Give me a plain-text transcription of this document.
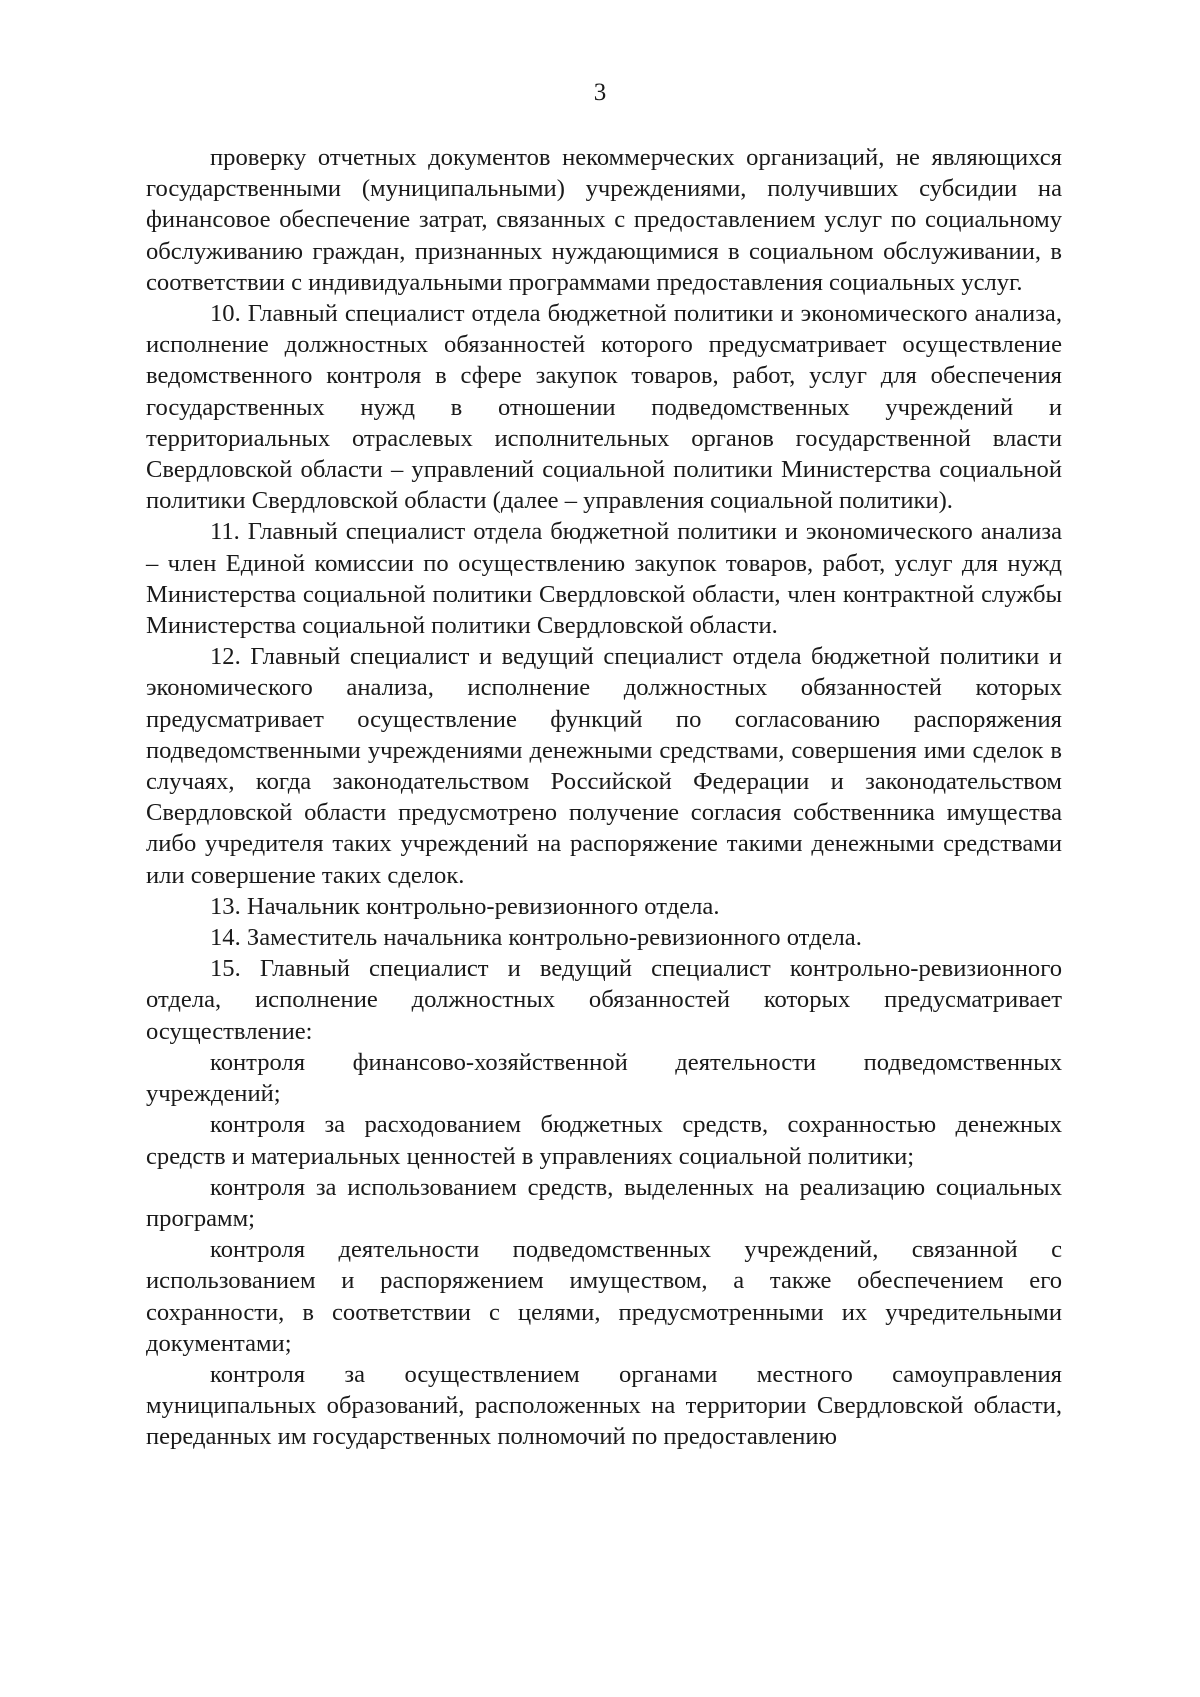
3

проверку отчетных документов некоммерческих организаций, не являющихся государственными (муниципальными) учреждениями, получивших субсидии на финансовое обеспечение затрат, связанных с предоставлением услуг по социальному обслуживанию граждан, признанных нуждающимися в социальном обслуживании, в соответствии с индивидуальными программами предоставления социальных услуг.

10. Главный специалист отдела бюджетной политики и экономического анализа, исполнение должностных обязанностей которого предусматривает осуществление ведомственного контроля в сфере закупок товаров, работ, услуг для обеспечения государственных нужд в отношении подведомственных учреждений и территориальных отраслевых исполнительных органов государственной власти Свердловской области – управлений социальной политики Министерства социальной политики Свердловской области (далее – управления социальной политики).

11. Главный специалист отдела бюджетной политики и экономического анализа – член Единой комиссии по осуществлению закупок товаров, работ, услуг для нужд Министерства социальной политики Свердловской области, член контрактной службы Министерства социальной политики Свердловской области.

12. Главный специалист и ведущий специалист отдела бюджетной политики и экономического анализа, исполнение должностных обязанностей которых предусматривает осуществление функций по согласованию распоряжения подведомственными учреждениями денежными средствами, совершения ими сделок в случаях, когда законодательством Российской Федерации и законодательством Свердловской области предусмотрено получение согласия собственника имущества либо учредителя таких учреждений на распоряжение такими денежными средствами или совершение таких сделок.

13. Начальник контрольно-ревизионного отдела.

14. Заместитель начальника контрольно-ревизионного отдела.

15. Главный специалист и ведущий специалист контрольно-ревизионного отдела, исполнение должностных обязанностей которых предусматривает осуществление:

контроля финансово-хозяйственной деятельности подведомственных учреждений;

контроля за расходованием бюджетных средств, сохранностью денежных средств и материальных ценностей в управлениях социальной политики;

контроля за использованием средств, выделенных на реализацию социальных программ;

контроля деятельности подведомственных учреждений, связанной с использованием и распоряжением имуществом, а также обеспечением его сохранности, в соответствии с целями, предусмотренными их учредительными документами;

контроля за осуществлением органами местного самоуправления муниципальных образований, расположенных на территории Свердловской области, переданных им государственных полномочий по предоставлению
